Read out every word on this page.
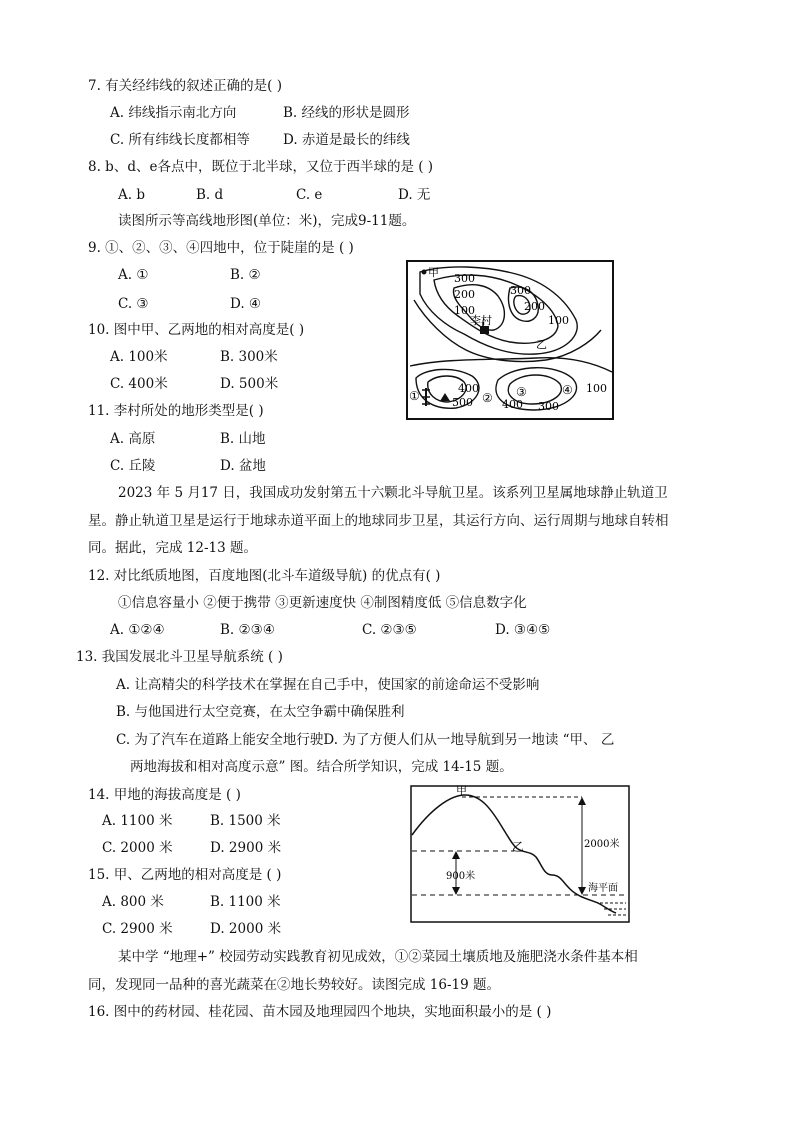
7. 有关经纬线的叙述正确的是( )
A. 纬线指示南北方向	B. 经线的形状是圆形
C. 所有纬线长度都相等 D. 赤道是最长的纬线
8. b、d、e各点中，既位于北半球，又位于西半球的是 ( )
A. b	B. d	C. e	D. 无
读图所示等高线地形图(单位：米)，完成9-11题。
9. ①、②、③、④四地中，位于陡崖的是 ( )
A. ①	B. ②
C. ③	D. ④
10. 图中甲、乙两地的相对高度是( )
A. 100米	B. 300米
C. 400米	D. 500米
11. 李村所处的地形类型是( )
A. 高原	B. 山地
C. 丘陵	D. 盆地
甲 300
200
100
李村
300
200
100
乙
①
400
500 ② ③
400 300
④ 100
2023 年 5 月17 日，我国成功发射第五十六颗北斗导航卫星。该系列卫星属地球静止轨道卫
星。静止轨道卫星是运行于地球赤道平面上的地球同步卫星，其运行方向、运行周期与地球自转相
同。据此，完成 12-13 题。
12. 对比纸质地图，百度地图(北斗车道级导航) 的优点有( )
①信息容量小 ②便于携带 ③更新速度快 ④制图精度低 ⑤信息数字化
A. ①②④	B. ②③④	C. ②③⑤	D. ③④⑤
13. 我国发展北斗卫星导航系统 ( )
A. 让高精尖的科学技术在掌握在自己手中，使国家的前途命运不受影响
B. 与他国进行太空竞赛，在太空争霸中确保胜利
C. 为了汽车在道路上能安全地行驶D. 为了方便人们从一地导航到另一地读 “甲、 乙
两地海拔和相对高度示意” 图。结合所学知识，完成 14-15 题。
14. 甲地的海拔高度是 ( )
A. 1100 米	B. 1500 米
C. 2000 米	D. 2900 米
15. 甲、乙两地的相对高度是 ( )
A. 800 米	B. 1100 米
C. 2900 米	D. 2000 米
甲
乙	2000米
900米
海平面
某中学 “地理+” 校园劳动实践教育初见成效，①②菜园土壤质地及施肥浇水条件基本相
同，发现同一品种的喜光蔬菜在②地长势较好。读图完成 16-19 题。
16. 图中的药材园、桂花园、苗木园及地理园四个地块，实地面积最小的是 ( )
